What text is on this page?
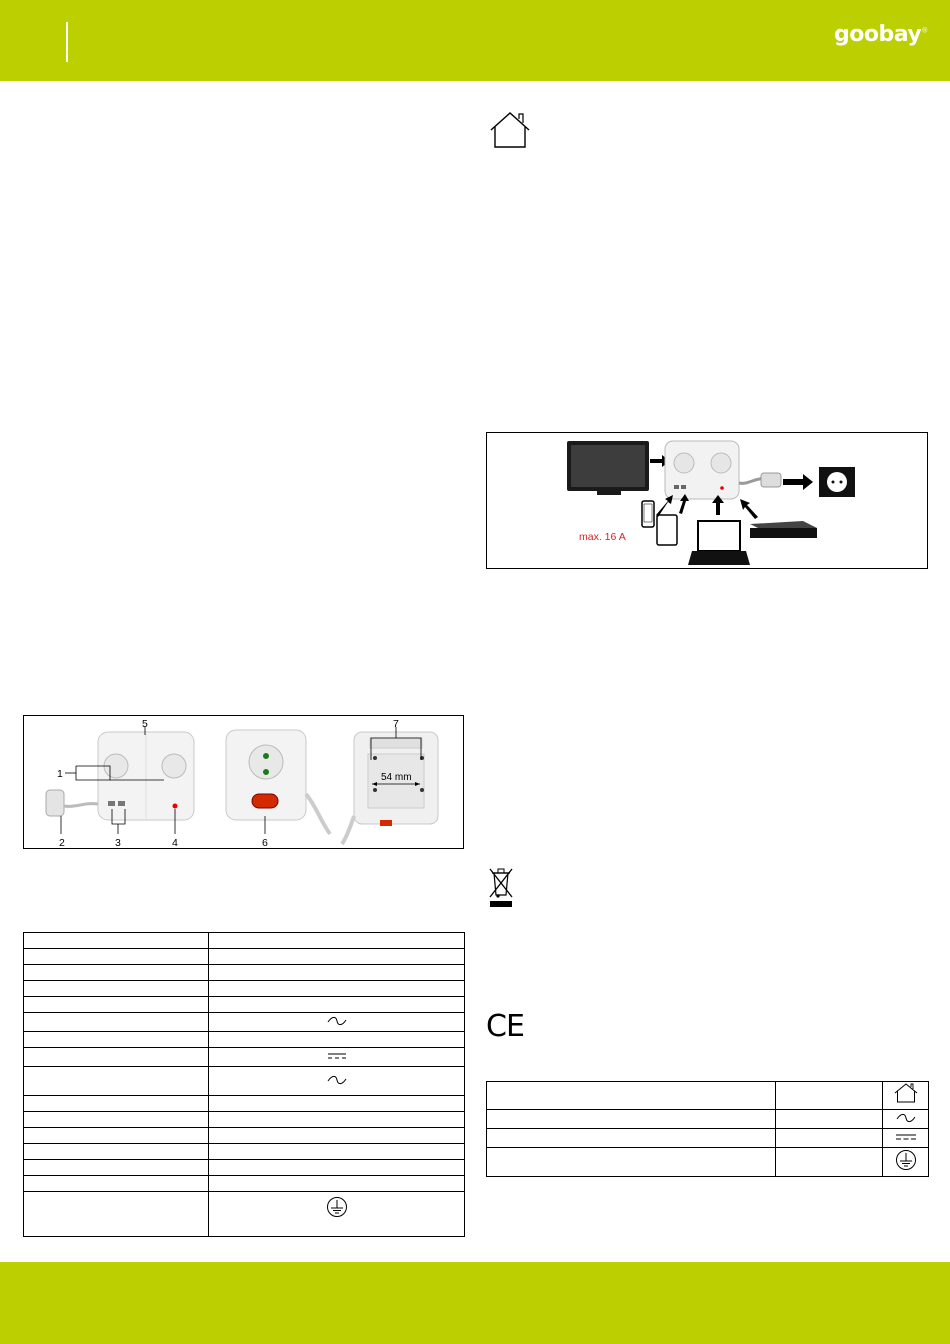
goobay®
max. 16 A
5
1
2	3	4	6
7
54 mm

CE
